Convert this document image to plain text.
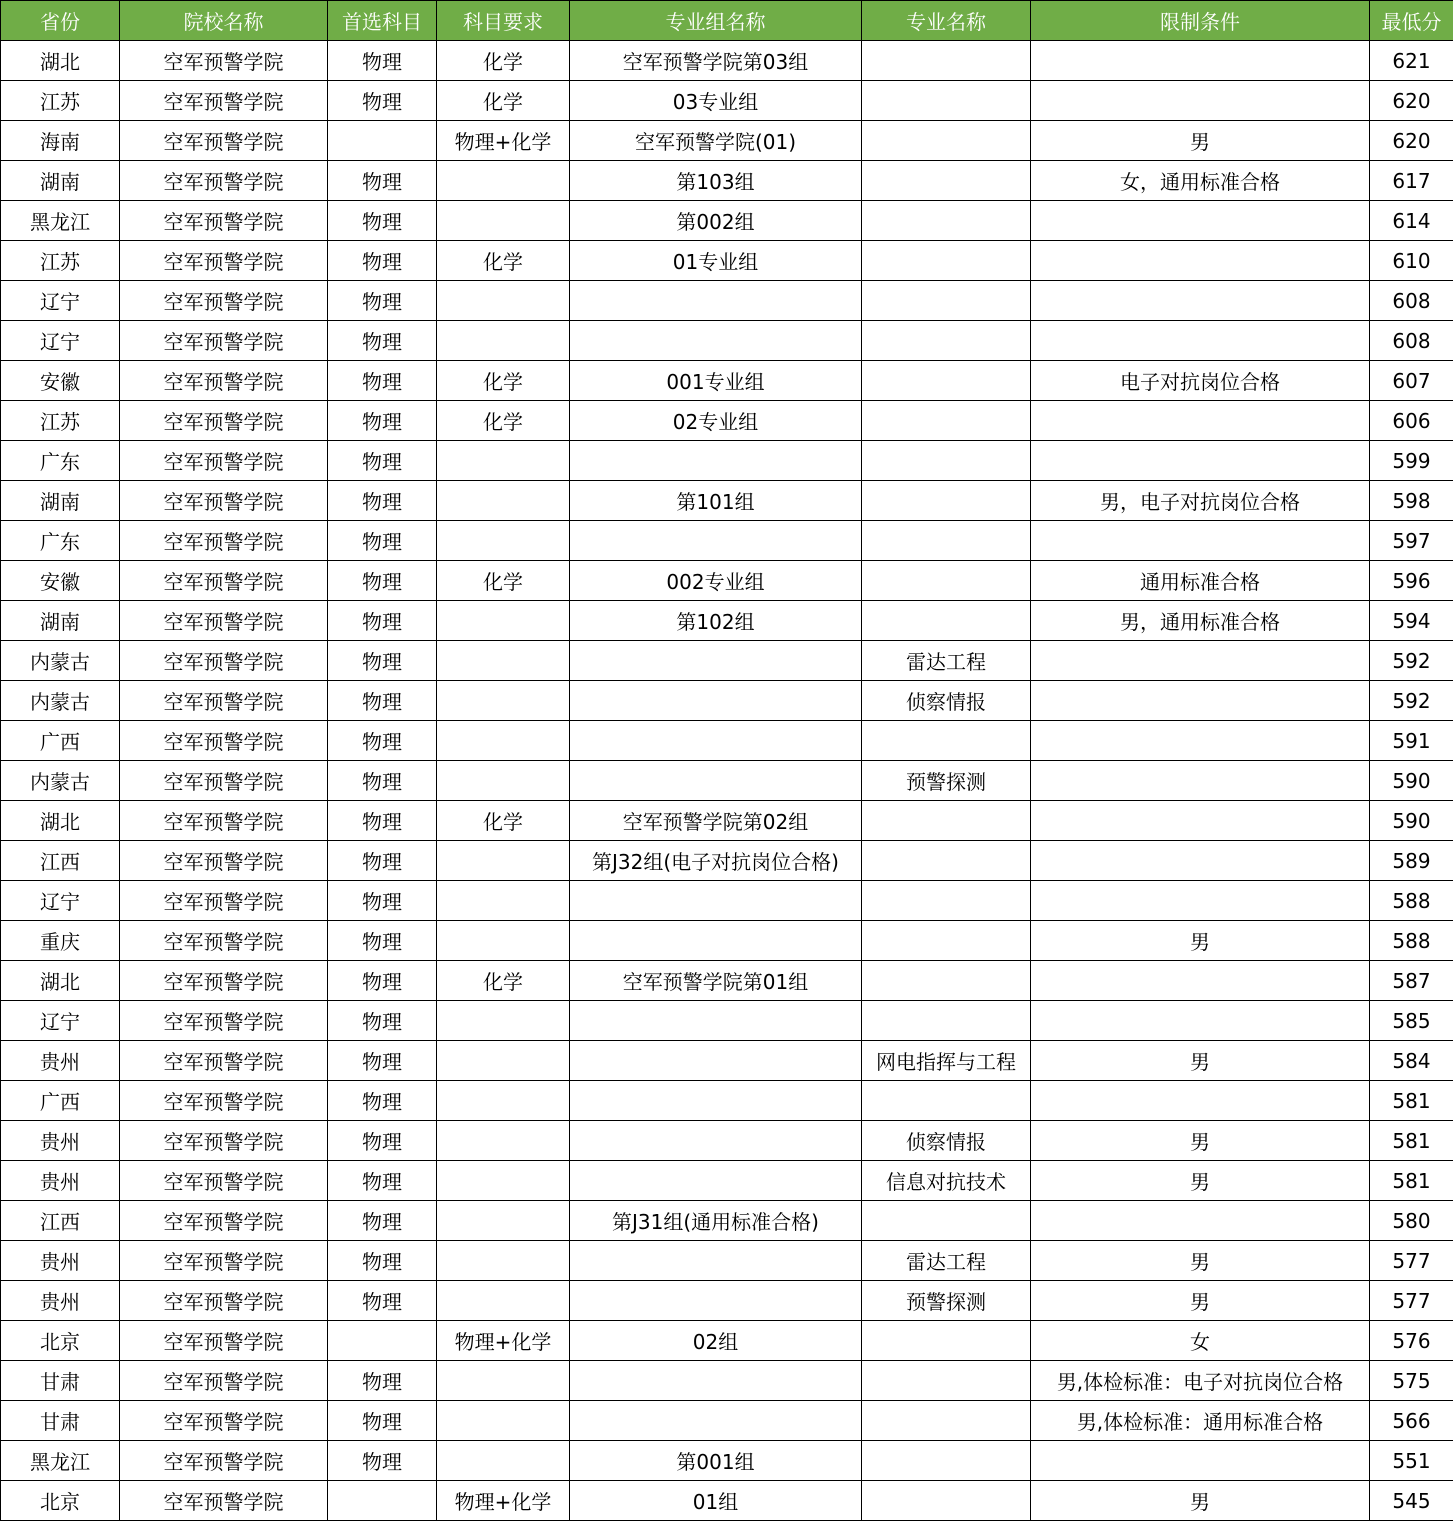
省份	院校名称	首选科目	科目要求	专业组名称	专业名称	限制条件	最低分
湖北	空军预警学院	物理	化学	空军预警学院第03组			621
江苏	空军预警学院	物理	化学	03专业组			620
海南	空军预警学院		物理+化学	空军预警学院(01)		男	620
湖南	空军预警学院	物理		第103组		女，通用标准合格	617
黑龙江	空军预警学院	物理		第002组			614
江苏	空军预警学院	物理	化学	01专业组			610
辽宁	空军预警学院	物理					608
辽宁	空军预警学院	物理					608
安徽	空军预警学院	物理	化学	001专业组		电子对抗岗位合格	607
江苏	空军预警学院	物理	化学	02专业组			606
广东	空军预警学院	物理					599
湖南	空军预警学院	物理		第101组		男，电子对抗岗位合格	598
广东	空军预警学院	物理					597
安徽	空军预警学院	物理	化学	002专业组		通用标准合格	596
湖南	空军预警学院	物理		第102组		男，通用标准合格	594
内蒙古	空军预警学院	物理			雷达工程		592
内蒙古	空军预警学院	物理			侦察情报		592
广西	空军预警学院	物理					591
内蒙古	空军预警学院	物理			预警探测		590
湖北	空军预警学院	物理	化学	空军预警学院第02组			590
江西	空军预警学院	物理		第J32组(电子对抗岗位合格)			589
辽宁	空军预警学院	物理					588
重庆	空军预警学院	物理				男	588
湖北	空军预警学院	物理	化学	空军预警学院第01组			587
辽宁	空军预警学院	物理					585
贵州	空军预警学院	物理			网电指挥与工程	男	584
广西	空军预警学院	物理					581
贵州	空军预警学院	物理			侦察情报	男	581
贵州	空军预警学院	物理			信息对抗技术	男	581
江西	空军预警学院	物理		第J31组(通用标准合格)			580
贵州	空军预警学院	物理			雷达工程	男	577
贵州	空军预警学院	物理			预警探测	男	577
北京	空军预警学院		物理+化学	02组		女	576
甘肃	空军预警学院	物理				男,体检标准：电子对抗岗位合格	575
甘肃	空军预警学院	物理				男,体检标准：通用标准合格	566
黑龙江	空军预警学院	物理		第001组			551
北京	空军预警学院		物理+化学	01组		男	545
